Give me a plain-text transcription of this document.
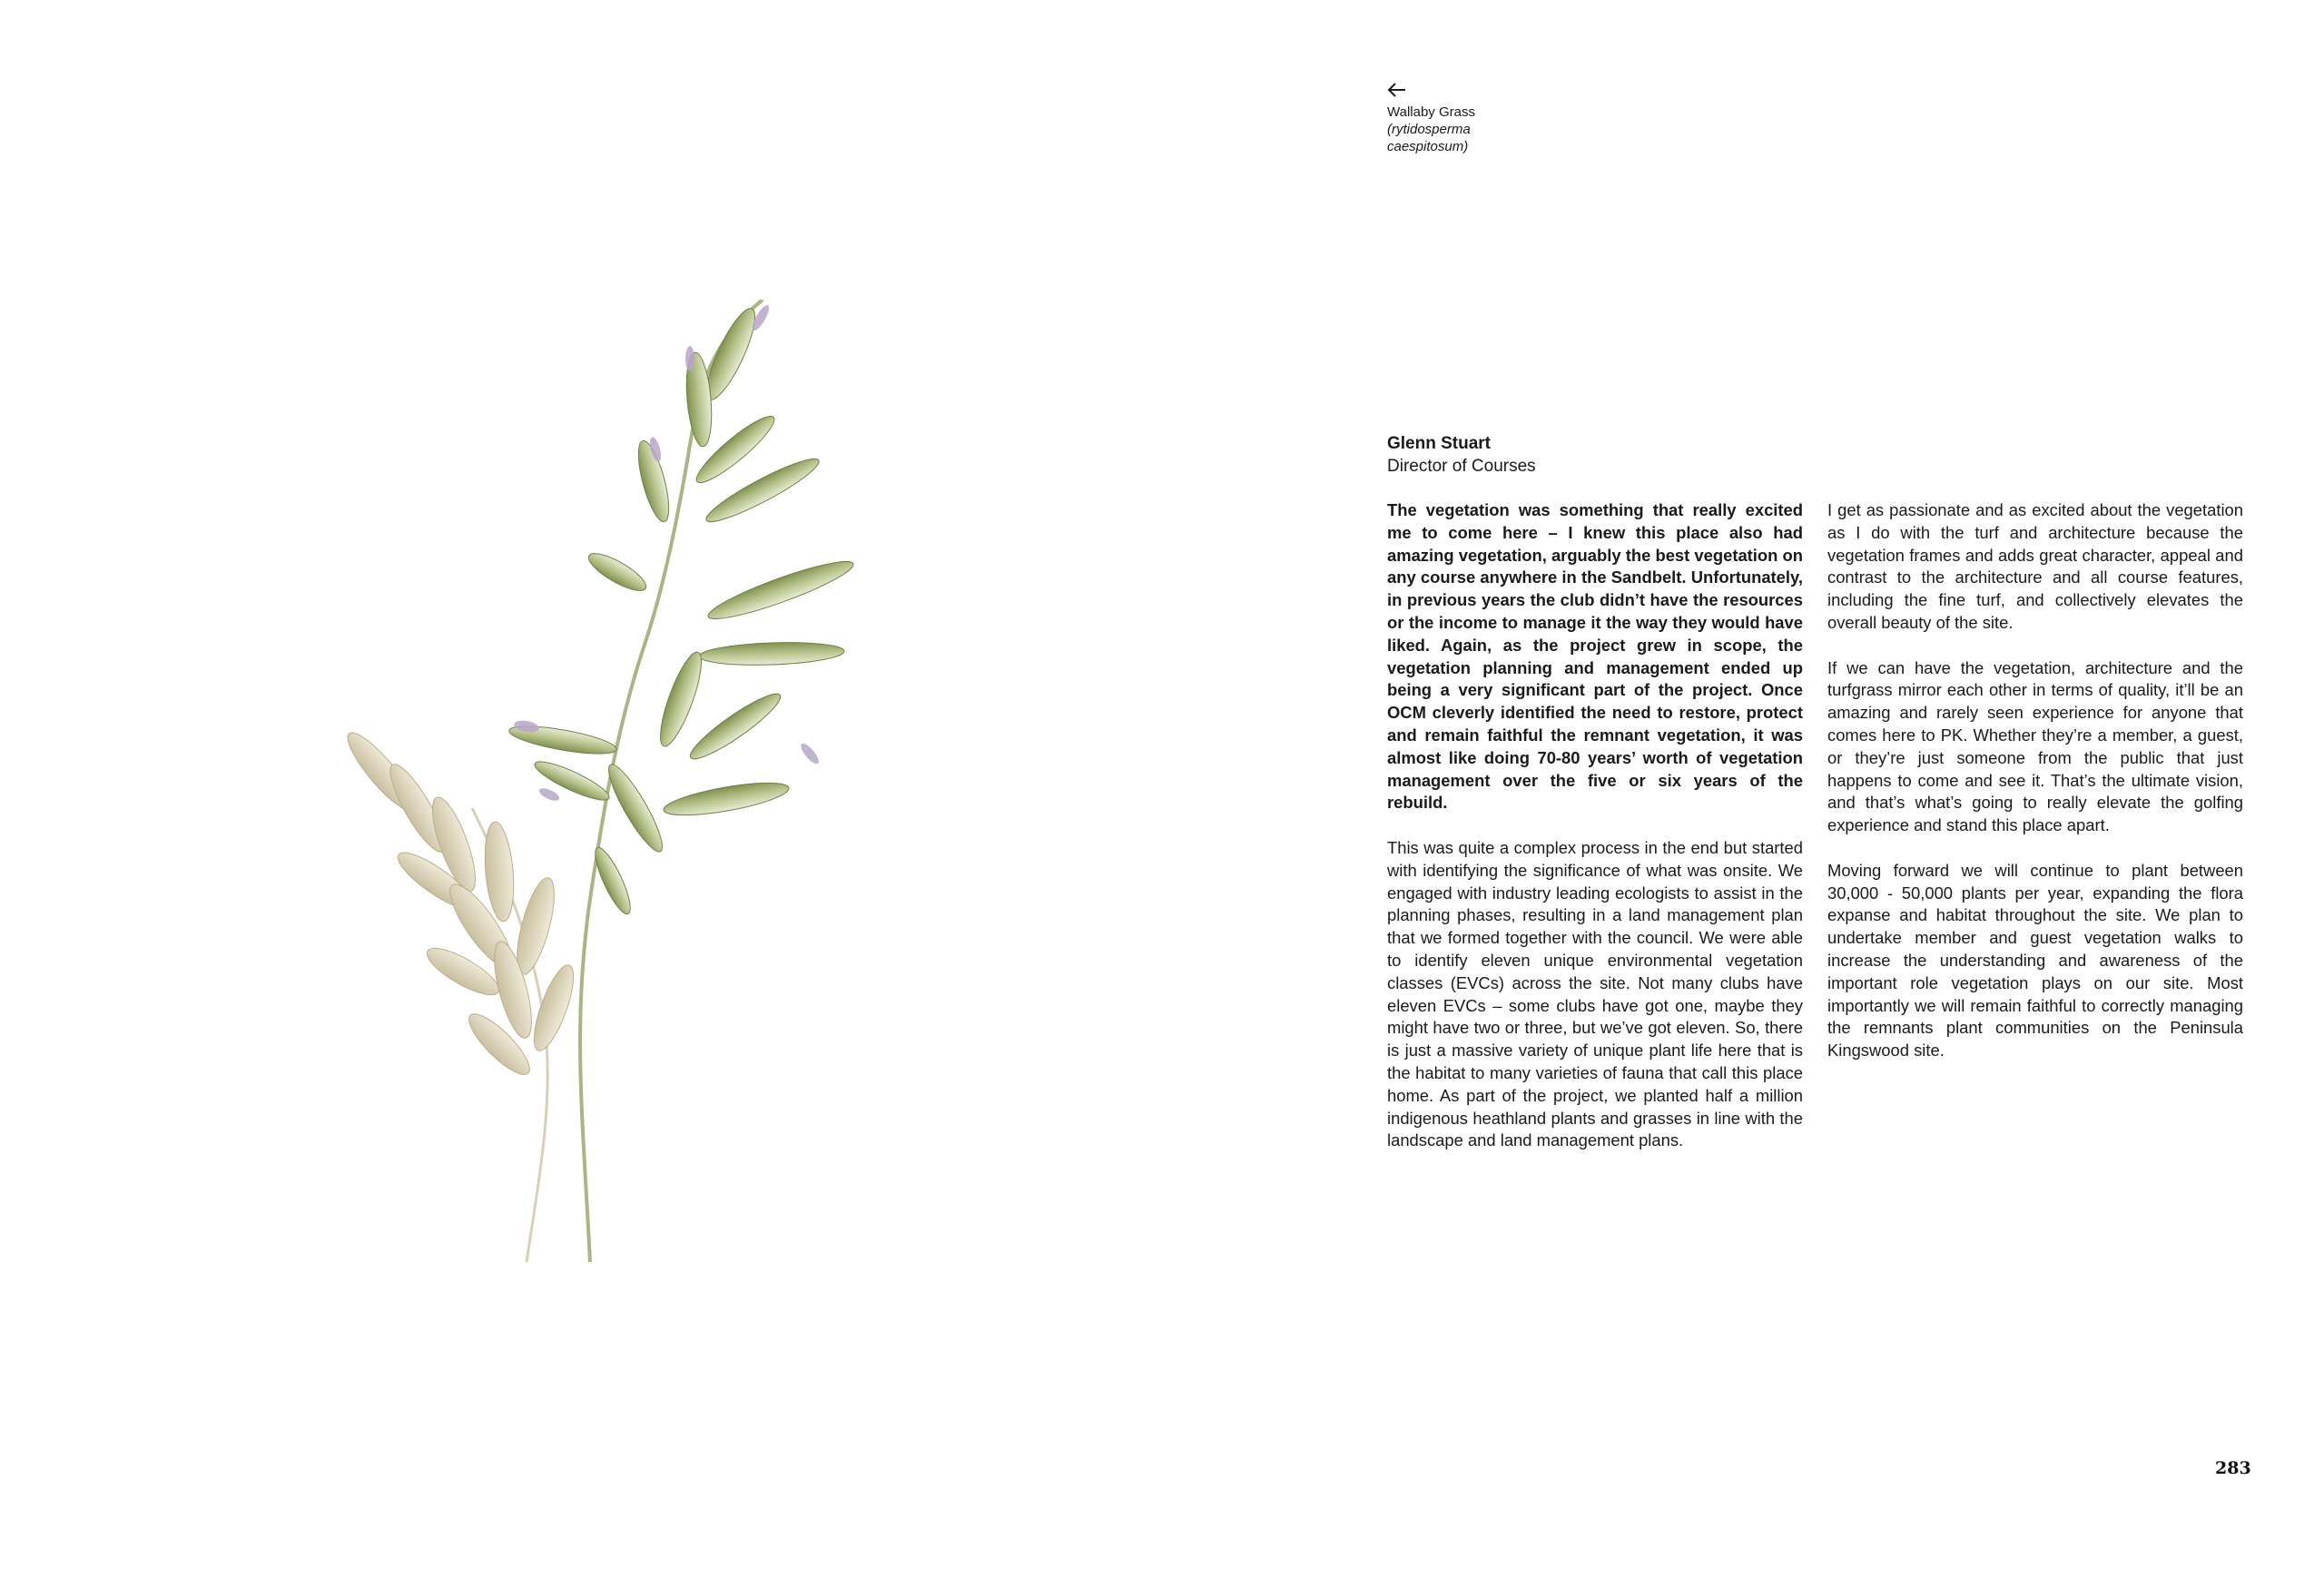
Wallaby Grass
(rytidosperma
caespitosum)

Glenn Stuart

Director of Courses

The vegetation was something that really excited me to come here – I knew this place also had amazing vegetation, arguably the best vegetation on any course anywhere in the Sandbelt. Unfortunately, in previous years the club didn’t have the resources or the income to manage it the way they would have liked. Again, as the project grew in scope, the vegetation planning and management ended up being a very significant part of the project. Once OCM cleverly identified the need to restore, protect and remain faithful the remnant vegetation, it was almost like doing 70-80 years’ worth of vegetation management over the five or six years of the rebuild.

This was quite a complex process in the end but started with identifying the significance of what was onsite. We engaged with industry leading ecologists to assist in the planning phases, resulting in a land management plan that we formed together with the council. We were able to identify eleven unique environmental vegetation classes (EVCs) across the site. Not many clubs have eleven EVCs – some clubs have got one, maybe they might have two or three, but we’ve got eleven. So, there is just a massive variety of unique plant life here that is the habitat to many varieties of fauna that call this place home. As part of the project, we planted half a million indigenous heathland plants and grasses in line with the landscape and land management plans.

I get as passionate and as excited about the vegetation as I do with the turf and architecture because the vegetation frames and adds great character, appeal and contrast to the architecture and all course features, including the fine turf, and collectively elevates the overall beauty of the site.

If we can have the vegetation, architecture and the turfgrass mirror each other in terms of quality, it’ll be an amazing and rarely seen experience for anyone that comes here to PK. Whether they’re a member, a guest, or they’re just someone from the public that just happens to come and see it. That’s the ultimate vision, and that’s what’s going to really elevate the golfing experience and stand this place apart.

Moving forward we will continue to plant between 30,000 - 50,000 plants per year, expanding the flora expanse and habitat throughout the site. We plan to undertake member and guest vegetation walks to increase the understanding and awareness of the important role vegetation plays on our site. Most importantly we will remain faithful to correctly managing the remnants plant communities on the Peninsula Kingswood site.

283
